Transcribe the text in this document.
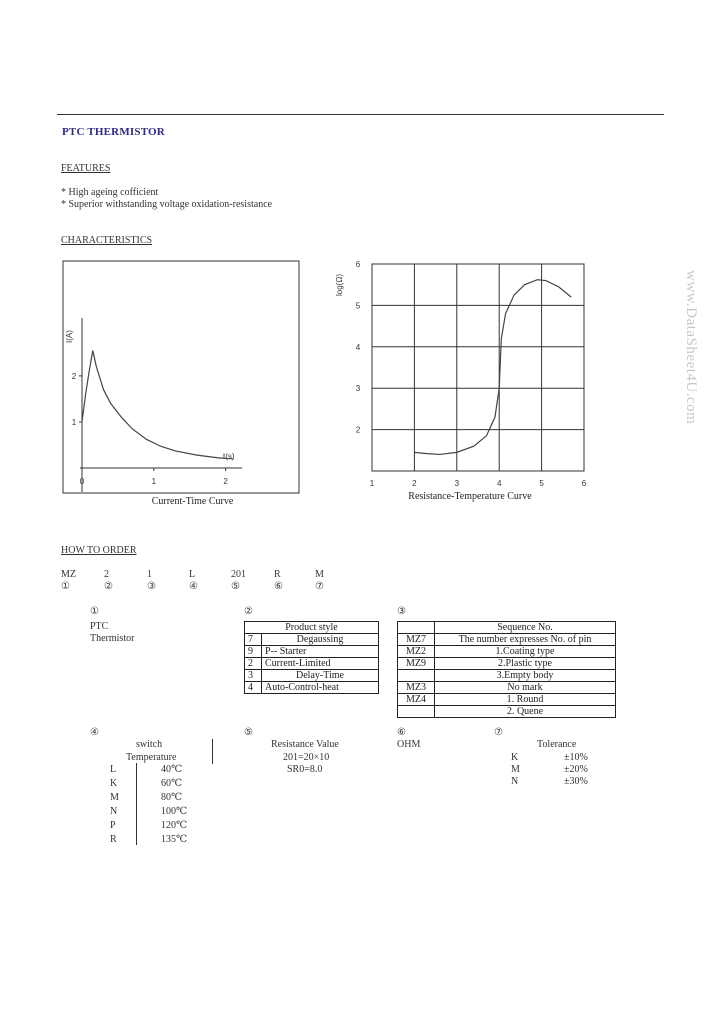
PTC THERMISTOR
FEATURES
* High ageing cofficient
* Superior withstanding voltage oxidation-resistance
CHARACTERISTICS
www.DataSheet4U.com
I(A)
t(s)
0	1	2
1
2
Current-Time Curve
log(Ω)
1	2	3	4	5	6
2
3
4
5
6
Resistance-Temperature Curve
HOW TO ORDER
MZ
①
2
②
1
③
L
④
201
⑤
R
⑥
M
⑦
①
PTC
Thermistor
②
Product style	
7	Degaussing
9	P-- Starter
2	Current-Limited
3	Delay-Time
4	Auto-Control-heat
③
	Sequence No.
MZ7	The number expresses No. of pin
MZ2	1.Coating type
MZ9	2.Plastic type
	3.Empty body
MZ3	No mark
MZ4	1. Round
	2. Quene
④
switch
Temperature
L	40℃
K	60℃
M	80℃
N	100℃
P	120℃
R	135℃
⑤
Resistance Value
201=20×10
SR0=8.0
⑥
OHM
⑦
Tolerance
K	±10%
M	±20%
N	±30%
